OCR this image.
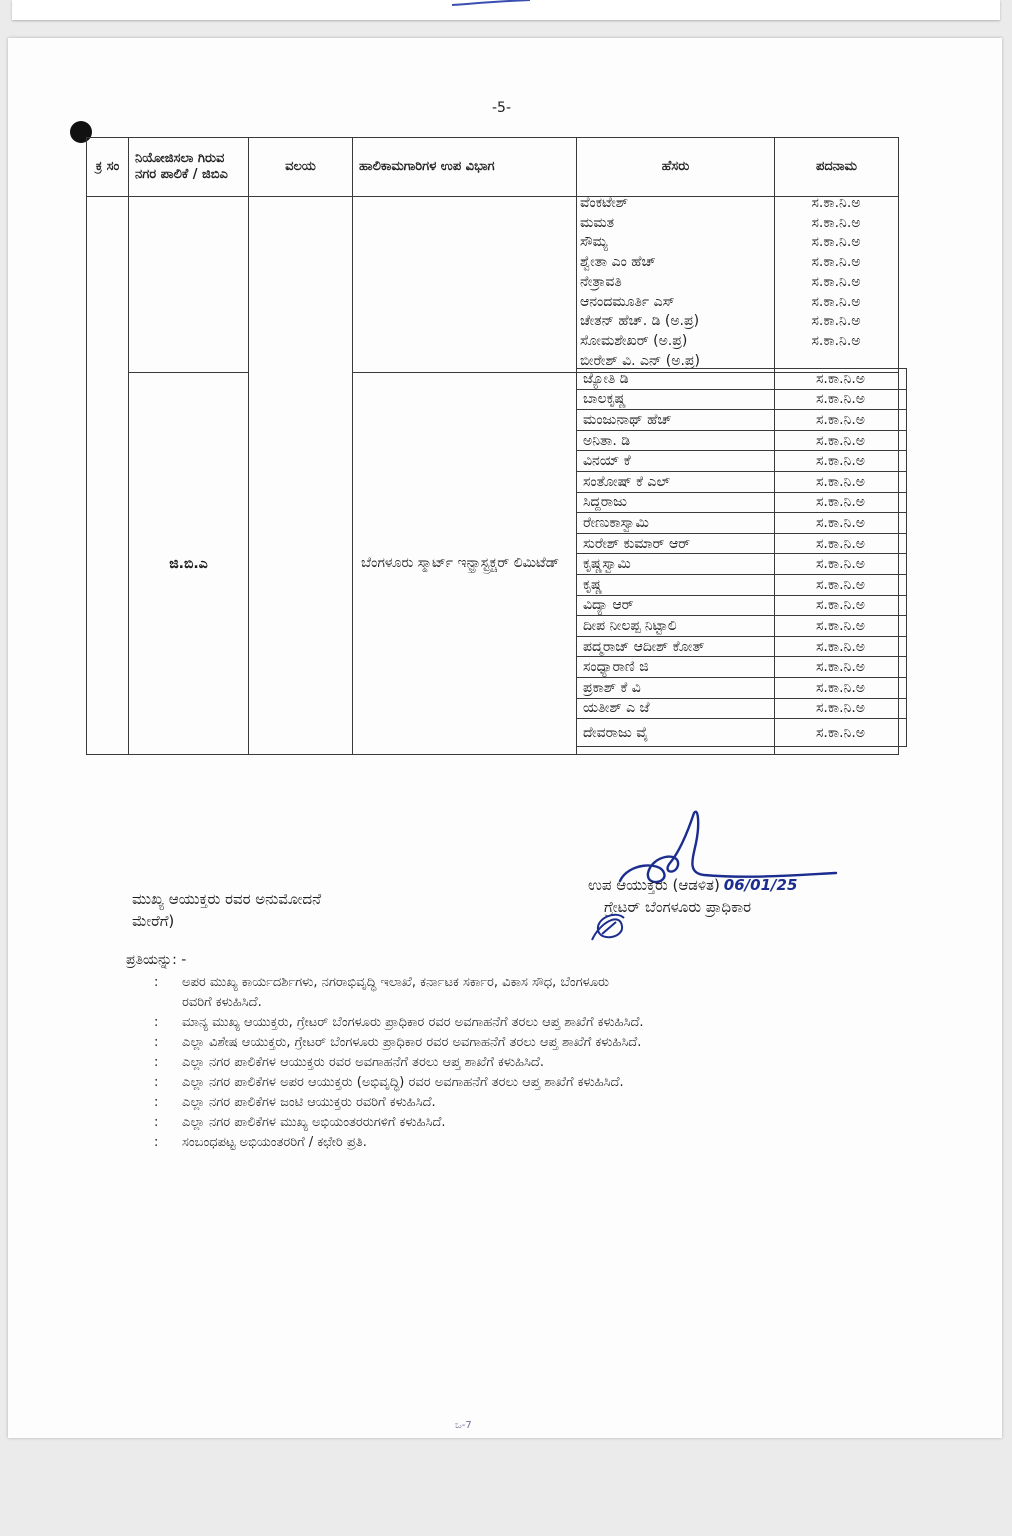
-5-
ಕ್ರ ಸಂ	ನಿಯೋಜಿಸಲಾ ಗಿರುವ ನಗರ ಪಾಲಿಕೆ / ಜಿಬಿಎ	ವಲಯ	ಹಾಲಿಕಾಮಗಾರಿಗಳ ಉಪ ವಿಭಾಗ	ಹೆಸರು	ಪದನಾಮ

	ಜಿ.ಬಿ.ಎ		ಬೆಂಗಳೂರು ಸ್ಮಾರ್ಟ್ ಇನ್ಫ್ರಾಸ್ಟ್ರಕ್ಚರ್ ಲಿಮಿಟೆಡ್		
ವೆಂಕಟೇಶ್	ಸ.ಕಾ.ನಿ.ಅ
ಮಮತ	ಸ.ಕಾ.ನಿ.ಅ
ಸೌಮ್ಯ	ಸ.ಕಾ.ನಿ.ಅ
ಶ್ವೇತಾ ಎಂ ಹೆಚ್	ಸ.ಕಾ.ನಿ.ಅ
ನೇತ್ರಾವತಿ	ಸ.ಕಾ.ನಿ.ಅ
ಆನಂದಮೂರ್ತಿ ಎಸ್	ಸ.ಕಾ.ನಿ.ಅ
ಚೇತನ್ ಹೆಚ್. ಡಿ (ಅ.ಪ್ರ)	ಸ.ಕಾ.ನಿ.ಅ
ಸೋಮಶೇಖರ್ (ಅ.ಪ್ರ)	ಸ.ಕಾ.ನಿ.ಅ
ಬೀರೇಶ್ ವಿ. ಎನ್ (ಅ.ಪ್ರ)
ಜ್ಯೋತಿ ಡಿ	ಸ.ಕಾ.ನಿ.ಅ
ಬಾಲಕೃಷ್ಣ	ಸ.ಕಾ.ನಿ.ಅ
ಮಂಜುನಾಥ್ ಹೆಚ್	ಸ.ಕಾ.ನಿ.ಅ
ಅನಿತಾ. ಡಿ	ಸ.ಕಾ.ನಿ.ಅ
ವಿನಯ್ ಕೆ	ಸ.ಕಾ.ನಿ.ಅ
ಸಂತೋಷ್ ಕೆ ಎಲ್	ಸ.ಕಾ.ನಿ.ಅ
ಸಿದ್ದರಾಜು	ಸ.ಕಾ.ನಿ.ಅ
ರೇಣುಕಾಸ್ವಾಮಿ	ಸ.ಕಾ.ನಿ.ಅ
ಸುರೇಶ್ ಕುಮಾರ್ ಆರ್	ಸ.ಕಾ.ನಿ.ಅ
ಕೃಷ್ಣಸ್ವಾಮಿ	ಸ.ಕಾ.ನಿ.ಅ
ಕೃಷ್ಣ	ಸ.ಕಾ.ನಿ.ಅ
ವಿದ್ಯಾ ಆರ್	ಸ.ಕಾ.ನಿ.ಅ
ದೀಪ ನೀಲಪ್ಪ ನಿಟ್ಟಾಲಿ	ಸ.ಕಾ.ನಿ.ಅ
ಪದ್ಮರಾಜ್ ಆದೀಶ್ ಕೋತ್	ಸ.ಕಾ.ನಿ.ಅ
ಸಂಧ್ಯಾರಾಣಿ ಜಿ	ಸ.ಕಾ.ನಿ.ಅ
ಪ್ರಕಾಶ್ ಕೆ ವಿ	ಸ.ಕಾ.ನಿ.ಅ
ಯತೀಶ್ ಎ ಜೆ	ಸ.ಕಾ.ನಿ.ಅ
ದೇವರಾಜು ವೈ	ಸ.ಕಾ.ನಿ.ಅ
ಮುಖ್ಯ ಆಯುಕ್ತರು ರವರ ಅನುಮೋದನೆ
ಮೇರೆಗೆ)
ಉಪ ಆಯುಕ್ತರು (ಆಡಳಿತ) 06/01/25
ಗ್ರೇಟರ್ ಬೆಂಗಳೂರು ಪ್ರಾಧಿಕಾರ
ಪ್ರತಿಯನ್ನು: -
:	ಅಪರ ಮುಖ್ಯ ಕಾರ್ಯದರ್ಶಿಗಳು, ನಗರಾಭಿವೃದ್ಧಿ ಇಲಾಖೆ, ಕರ್ನಾಟಕ ಸರ್ಕಾರ, ವಿಕಾಸ ಸೌಧ, ಬೆಂಗಳೂರು
ರವರಿಗೆ ಕಳುಹಿಸಿದೆ.
:	ಮಾನ್ಯ ಮುಖ್ಯ ಆಯುಕ್ತರು, ಗ್ರೇಟರ್ ಬೆಂಗಳೂರು ಪ್ರಾಧಿಕಾರ ರವರ ಅವಗಾಹನೆಗೆ ತರಲು ಆಪ್ತ ಶಾಖೆಗೆ ಕಳುಹಿಸಿದೆ.
:	ಎಲ್ಲಾ ವಿಶೇಷ ಆಯುಕ್ತರು, ಗ್ರೇಟರ್ ಬೆಂಗಳೂರು ಪ್ರಾಧಿಕಾರ ರವರ ಅವಗಾಹನೆಗೆ ತರಲು ಆಪ್ತ ಶಾಖೆಗೆ ಕಳುಹಿಸಿದೆ.
:	ಎಲ್ಲಾ ನಗರ ಪಾಲಿಕೆಗಳ ಆಯುಕ್ತರು ರವರ ಅವಗಾಹನೆಗೆ ತರಲು ಆಪ್ತ ಶಾಖೆಗೆ ಕಳುಹಿಸಿದೆ.
:	ಎಲ್ಲಾ ನಗರ ಪಾಲಿಕೆಗಳ ಅಪರ ಆಯುಕ್ತರು (ಅಭಿವೃದ್ಧಿ) ರವರ ಅವಗಾಹನೆಗೆ ತರಲು ಆಪ್ತ ಶಾಖೆಗೆ ಕಳುಹಿಸಿದೆ.
:	ಎಲ್ಲಾ ನಗರ ಪಾಲಿಕೆಗಳ ಜಂಟಿ ಆಯುಕ್ತರು ರವರಿಗೆ ಕಳುಹಿಸಿದೆ.
:	ಎಲ್ಲಾ ನಗರ ಪಾಲಿಕೆಗಳ ಮುಖ್ಯ ಅಭಿಯಂತರರುಗಳಿಗೆ ಕಳುಹಿಸಿದೆ.
:	ಸಂಬಂಧಪಟ್ಟ ಅಭಿಯಂತರರಿಗೆ / ಕಛೇರಿ ಪ್ರತಿ.
ಒ-7
